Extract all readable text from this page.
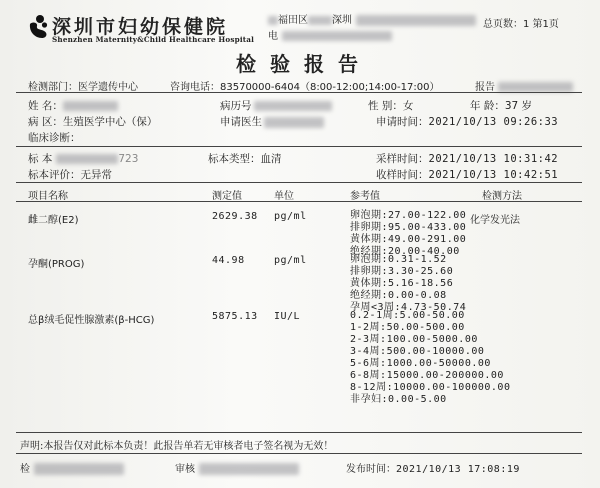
深圳市妇幼保健院
Shenzhen Maternity&Child Healthcare Hospital
福田区 深圳
电
总页数：1 第1页
检验报告
检测部门：医学遗传中心	咨询电话：83570000-6404（8:00-12:00;14:00-17:00）	报告
姓 名：	病历号	性 别：女	年 龄：37 岁
病 区：生殖医学中心（保）	申请医生	申请时间：2021/10/13 09:26:33
临床诊断：
标 本	723	标本类型：血清	采样时间：2021/10/13 10:31:42
标本评价：无异常	收样时间：2021/10/13 10:42:51
项目名称	测定值	单位	参考值	检测方法
雌二醇(E2)	2629.38 pg/ml	卵泡期:27.00-122.00
排卵期:95.00-433.00
黄体期:49.00-291.00
绝经期:20.00-40.00
化学发光法
孕酮(PROG)	44.98	pg/ml	卵泡期:0.31-1.52
排卵期:3.30-25.60
黄体期:5.16-18.56
绝经期:0.00-0.08
孕周<3周:4.73-50.74
总β绒毛促性腺激素(β-HCG)	5875.13 IU/L	0.2-1周:5.00-50.00
1-2周:50.00-500.00
2-3周:100.00-5000.00
3-4周:500.00-10000.00
5-6周:1000.00-50000.00
6-8周:15000.00-200000.00
8-12周:10000.00-100000.00
非孕妇:0.00-5.00
声明:本报告仅对此标本负责！此报告单若无审核者电子签名视为无效！
检	审核	发布时间：2021/10/13 17:08:19
